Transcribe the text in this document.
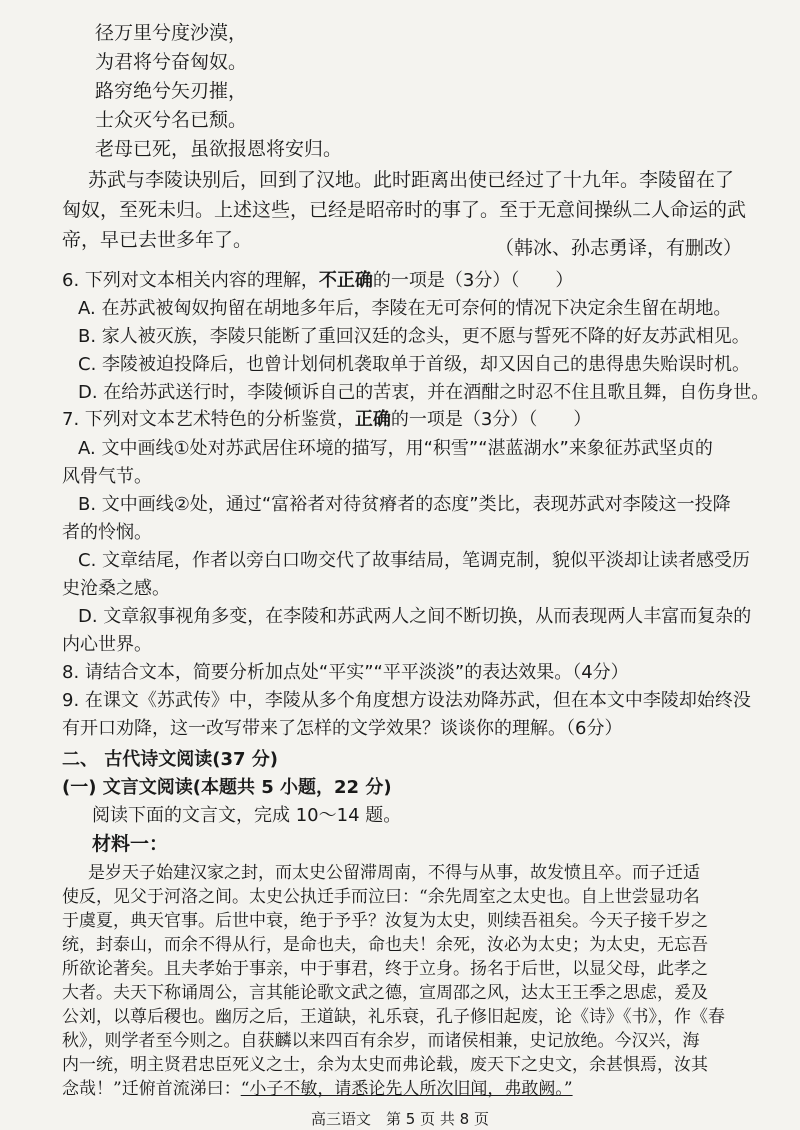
径万里兮度沙漠，
为君将兮奋匈奴。
路穷绝兮矢刃摧，
士众灭兮名已颓。
老母已死，虽欲报恩将安归。
苏武与李陵诀别后，回到了汉地。此时距离出使已经过了十九年。李陵留在了
匈奴，至死未归。上述这些，已经是昭帝时的事了。至于无意间操纵二人命运的武
帝，早已去世多年了。	（韩冰、孙志勇译，有删改）
6. 下列对文本相关内容的理解，不正确的一项是（3分）（　　）
A. 在苏武被匈奴拘留在胡地多年后，李陵在无可奈何的情况下决定余生留在胡地。
B. 家人被灭族，李陵只能断了重回汉廷的念头，更不愿与誓死不降的好友苏武相见。
C. 李陵被迫投降后，也曾计划伺机袭取单于首级，却又因自己的患得患失贻误时机。
D. 在给苏武送行时，李陵倾诉自己的苦衷，并在酒酣之时忍不住且歌且舞，自伤身世。
7. 下列对文本艺术特色的分析鉴赏，正确的一项是（3分）（　　）
A. 文中画线①处对苏武居住环境的描写，用“积雪”“湛蓝湖水”来象征苏武坚贞的
风骨气节。
B. 文中画线②处，通过“富裕者对待贫瘠者的态度”类比，表现苏武对李陵这一投降
者的怜悯。
C. 文章结尾，作者以旁白口吻交代了故事结局，笔调克制，貌似平淡却让读者感受历
史沧桑之感。
D. 文章叙事视角多变，在李陵和苏武两人之间不断切换，从而表现两人丰富而复杂的
内心世界。
8. 请结合文本，简要分析加点处“平实”“平平淡淡”的表达效果。（4分）
9. 在课文《苏武传》中，李陵从多个角度想方设法劝降苏武，但在本文中李陵却始终没
有开口劝降，这一改写带来了怎样的文学效果？谈谈你的理解。（6分）
二、 古代诗文阅读(37 分)
(一) 文言文阅读(本题共 5 小题，22 分)
阅读下面的文言文，完成 10～14 题。
材料一：
是岁天子始建汉家之封，而太史公留滞周南，不得与从事，故发愤且卒。而子迁适
使反，见父于河洛之间。太史公执迁手而泣曰：“余先周室之太史也。自上世尝显功名
于虞夏，典天官事。后世中衰，绝于予乎？汝复为太史，则续吾祖矣。今天子接千岁之
统，封泰山，而余不得从行，是命也夫，命也夫！余死，汝必为太史；为太史，无忘吾
所欲论著矣。且夫孝始于事亲，中于事君，终于立身。扬名于后世，以显父母，此孝之
大者。夫天下称诵周公，言其能论歌文武之德，宣周邵之风，达太王王季之思虑，爰及
公刘，以尊后稷也。幽厉之后，王道缺，礼乐衰，孔子修旧起废，论《诗》《书》，作《春
秋》，则学者至今则之。自获麟以来四百有余岁，而诸侯相兼，史记放绝。今汉兴，海
内一统，明主贤君忠臣死义之士，余为太史而弗论载，废天下之史文，余甚惧焉，汝其
高三语文　第 5 页 共 8 页
念哉！”迁俯首流涕曰：“小子不敏，请悉论先人所次旧闻，弗敢阙。”
